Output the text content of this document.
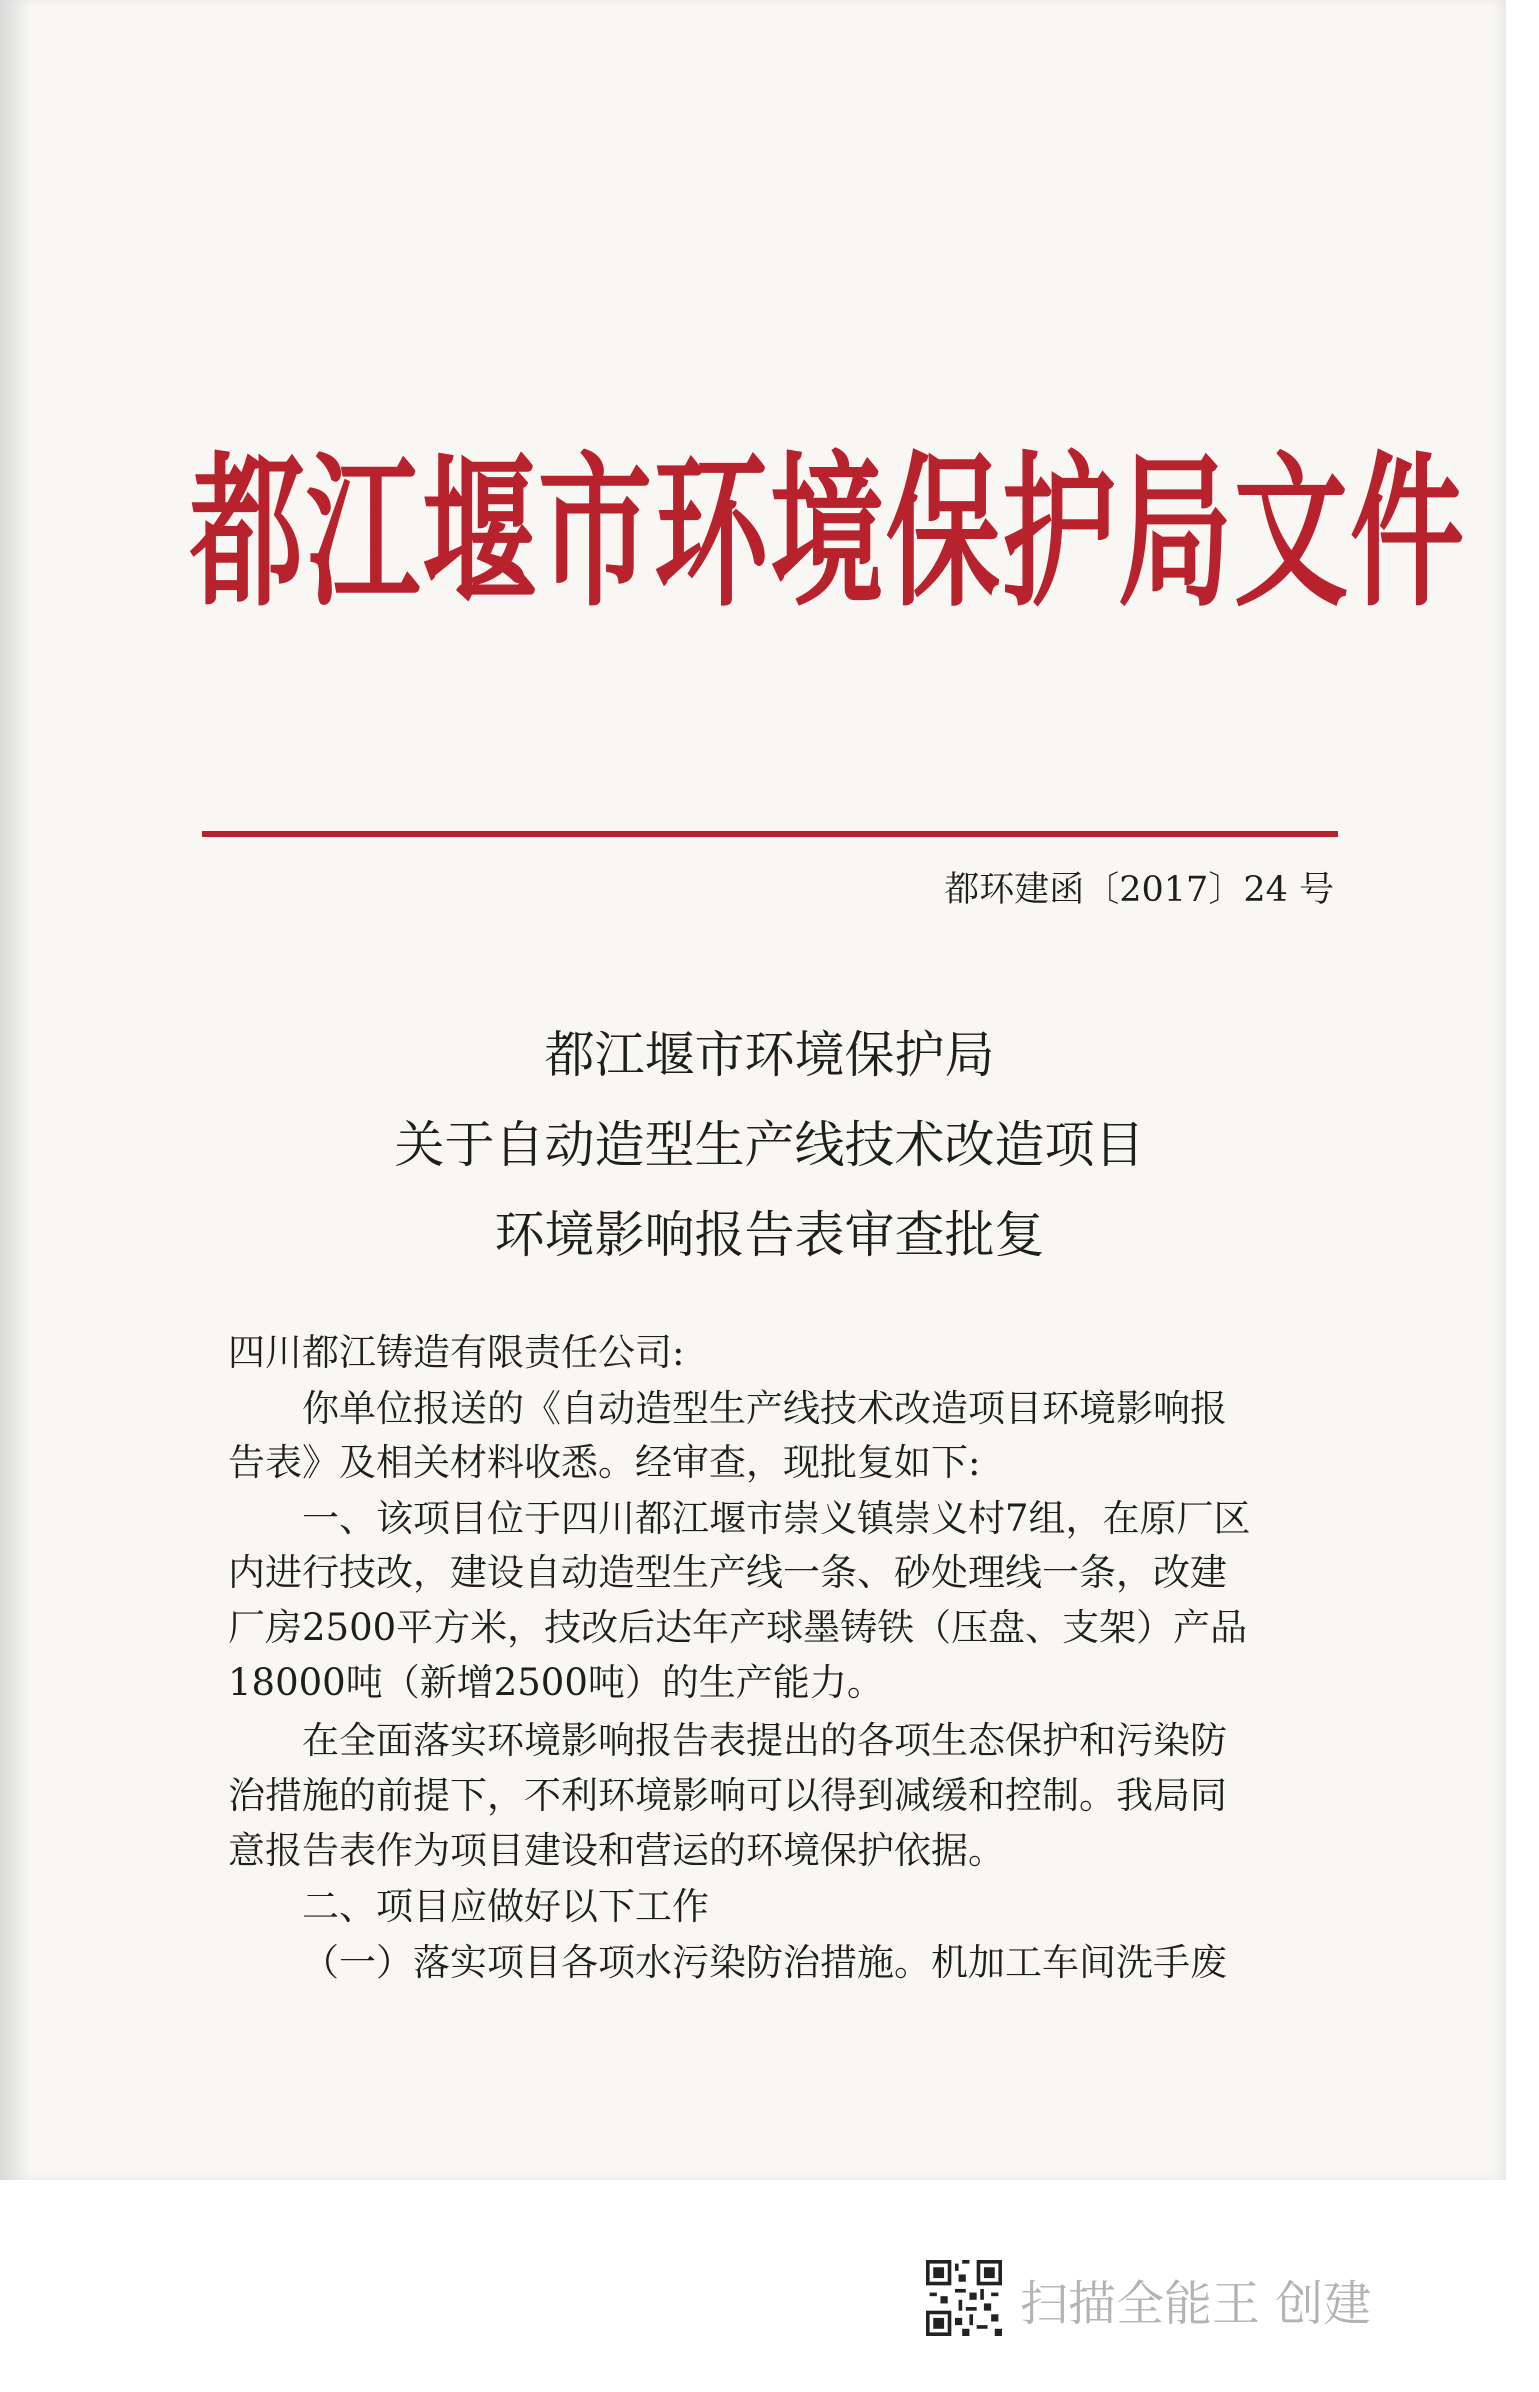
都江堰市环境保护局文件
都环建函〔2017〕24 号
都江堰市环境保护局
关于自动造型生产线技术改造项目
环境影响报告表审查批复
四川都江铸造有限责任公司:
你单位报送的《自动造型生产线技术改造项目环境影响报
告表》及相关材料收悉。经审查，现批复如下:
一、该项目位于四川都江堰市崇义镇崇义村7组，在原厂区
内进行技改，建设自动造型生产线一条、砂处理线一条，改建
厂房2500平方米，技改后达年产球墨铸铁（压盘、支架）产品
18000吨（新增2500吨）的生产能力。
在全面落实环境影响报告表提出的各项生态保护和污染防
治措施的前提下，不利环境影响可以得到减缓和控制。我局同
意报告表作为项目建设和营运的环境保护依据。
二、项目应做好以下工作
（一）落实项目各项水污染防治措施。机加工车间洗手废
扫描全能王 创建
